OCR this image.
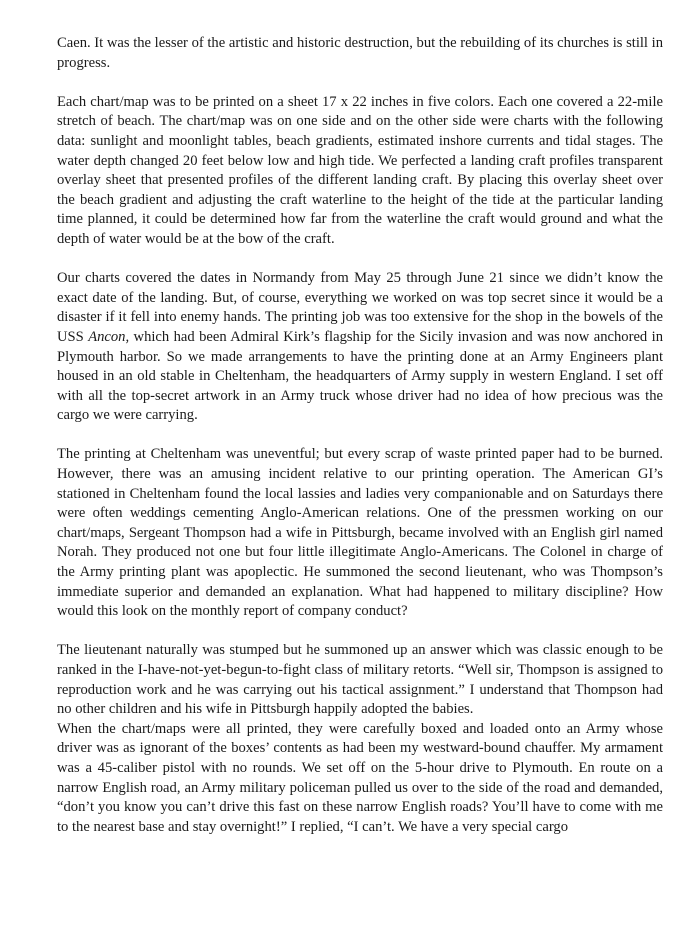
Caen. It was the lesser of the artistic and historic destruction, but the rebuilding of its churches is still in progress.

Each chart/map was to be printed on a sheet 17 x 22 inches in five colors. Each one covered a 22-mile stretch of beach. The chart/map was on one side and on the other side were charts with the following data: sunlight and moonlight tables, beach gradients, estimated inshore currents and tidal stages. The water depth changed 20 feet below low and high tide. We perfected a landing craft profiles transparent overlay sheet that presented profiles of the different landing craft. By placing this overlay sheet over the beach gradient and adjusting the craft waterline to the height of the tide at the particular landing time planned, it could be determined how far from the waterline the craft would ground and what the depth of water would be at the bow of the craft.

Our charts covered the dates in Normandy from May 25 through June 21 since we didn’t know the exact date of the landing. But, of course, everything we worked on was top secret since it would be a disaster if it fell into enemy hands. The printing job was too extensive for the shop in the bowels of the USS Ancon, which had been Admiral Kirk’s flagship for the Sicily invasion and was now anchored in Plymouth harbor. So we made arrangements to have the printing done at an Army Engineers plant housed in an old stable in Cheltenham, the headquarters of Army supply in western England. I set off with all the top-secret artwork in an Army truck whose driver had no idea of how precious was the cargo we were carrying.

The printing at Cheltenham was uneventful; but every scrap of waste printed paper had to be burned. However, there was an amusing incident relative to our printing operation. The American GI’s stationed in Cheltenham found the local lassies and ladies very companionable and on Saturdays there were often weddings cementing Anglo-American relations. One of the pressmen working on our chart/maps, Sergeant Thompson had a wife in Pittsburgh, became involved with an English girl named Norah. They produced not one but four little illegitimate Anglo-Americans. The Colonel in charge of the Army printing plant was apoplectic. He summoned the second lieutenant, who was Thompson’s immediate superior and demanded an explanation. What had happened to military discipline? How would this look on the monthly report of company conduct?

The lieutenant naturally was stumped but he summoned up an answer which was classic enough to be ranked in the I-have-not-yet-begun-to-fight class of military retorts. “Well sir, Thompson is assigned to reproduction work and he was carrying out his tactical assignment.” I understand that Thompson had no other children and his wife in Pittsburgh happily adopted the babies.

When the chart/maps were all printed, they were carefully boxed and loaded onto an Army whose driver was as ignorant of the boxes’ contents as had been my westward-bound chauffer. My armament was a 45-caliber pistol with no rounds. We set off on the 5-hour drive to Plymouth. En route on a narrow English road, an Army military policeman pulled us over to the side of the road and demanded, “don’t you know you can’t drive this fast on these narrow English roads? You’ll have to come with me to the nearest base and stay overnight!” I replied, “I can’t. We have a very special cargo
